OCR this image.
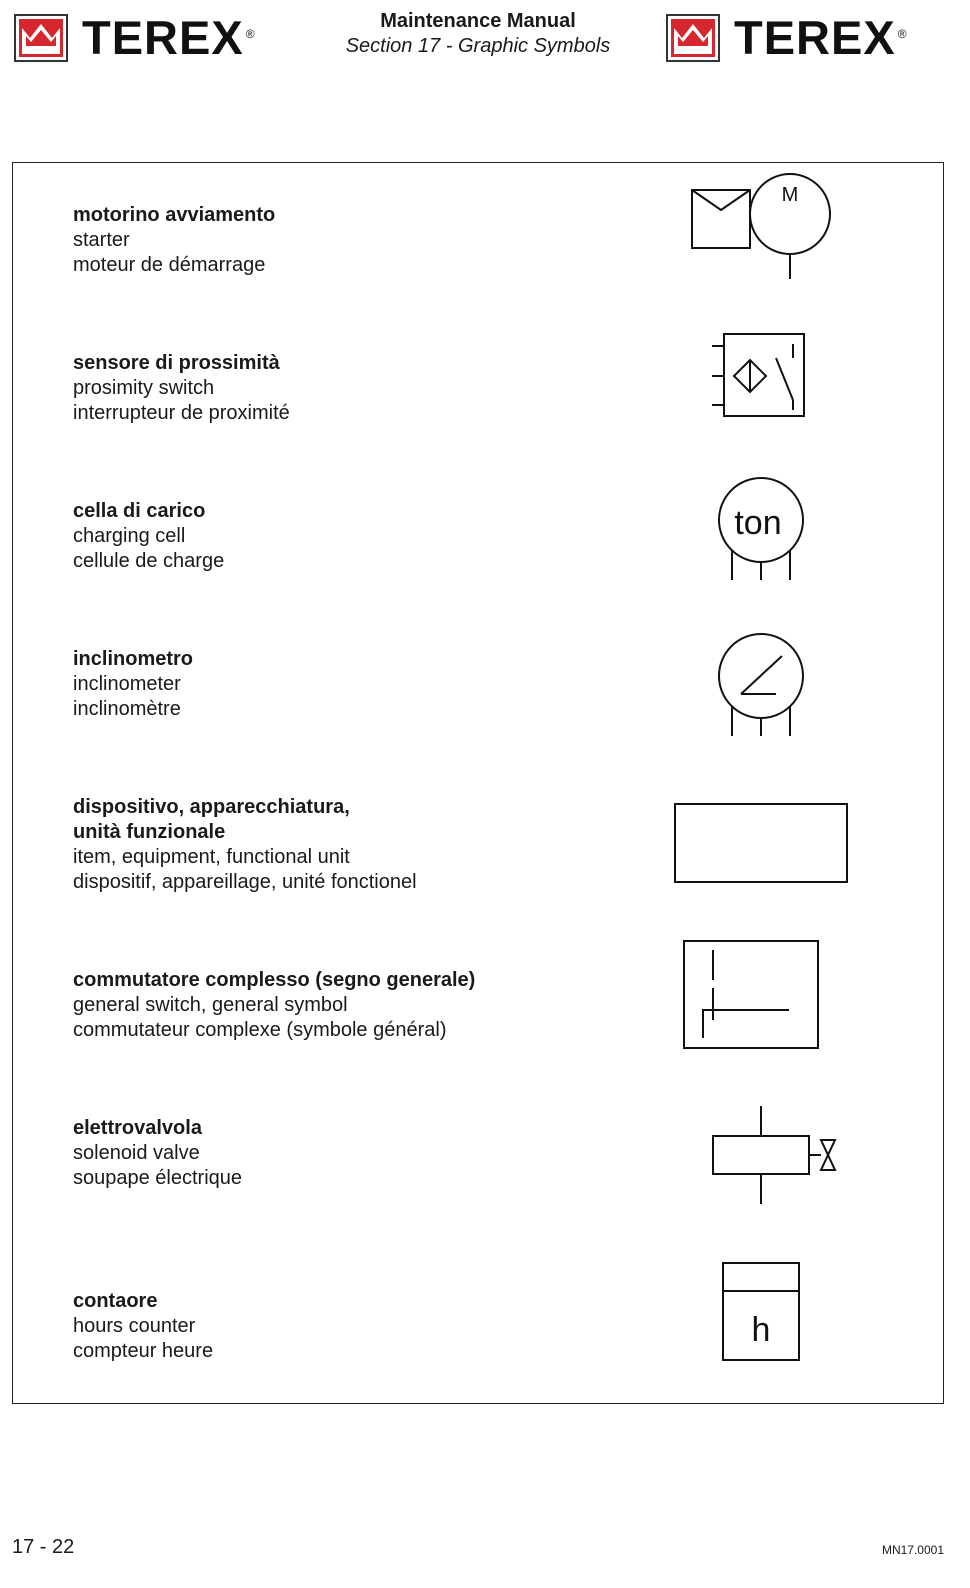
TEREX ®
Maintenance Manual
Section 17 - Graphic Symbols	TEREX ®
motorino avviamento
starter
moteur de démarrage
M
sensore di prossimità
prosimity switch
interrupteur de proximité
cella di carico
charging cell
cellule de charge
ton
inclinometro
inclinometer
inclinomètre
dispositivo, apparecchiatura,
unità funzionale
item, equipment, functional unit
dispositif, appareillage, unité fonctionel
commutatore complesso (segno generale)
general switch, general symbol
commutateur complexe (symbole général)
elettrovalvola
solenoid valve
soupape électrique
contaore
hours counter
compteur heure
h
17 - 22	MN17.0001
